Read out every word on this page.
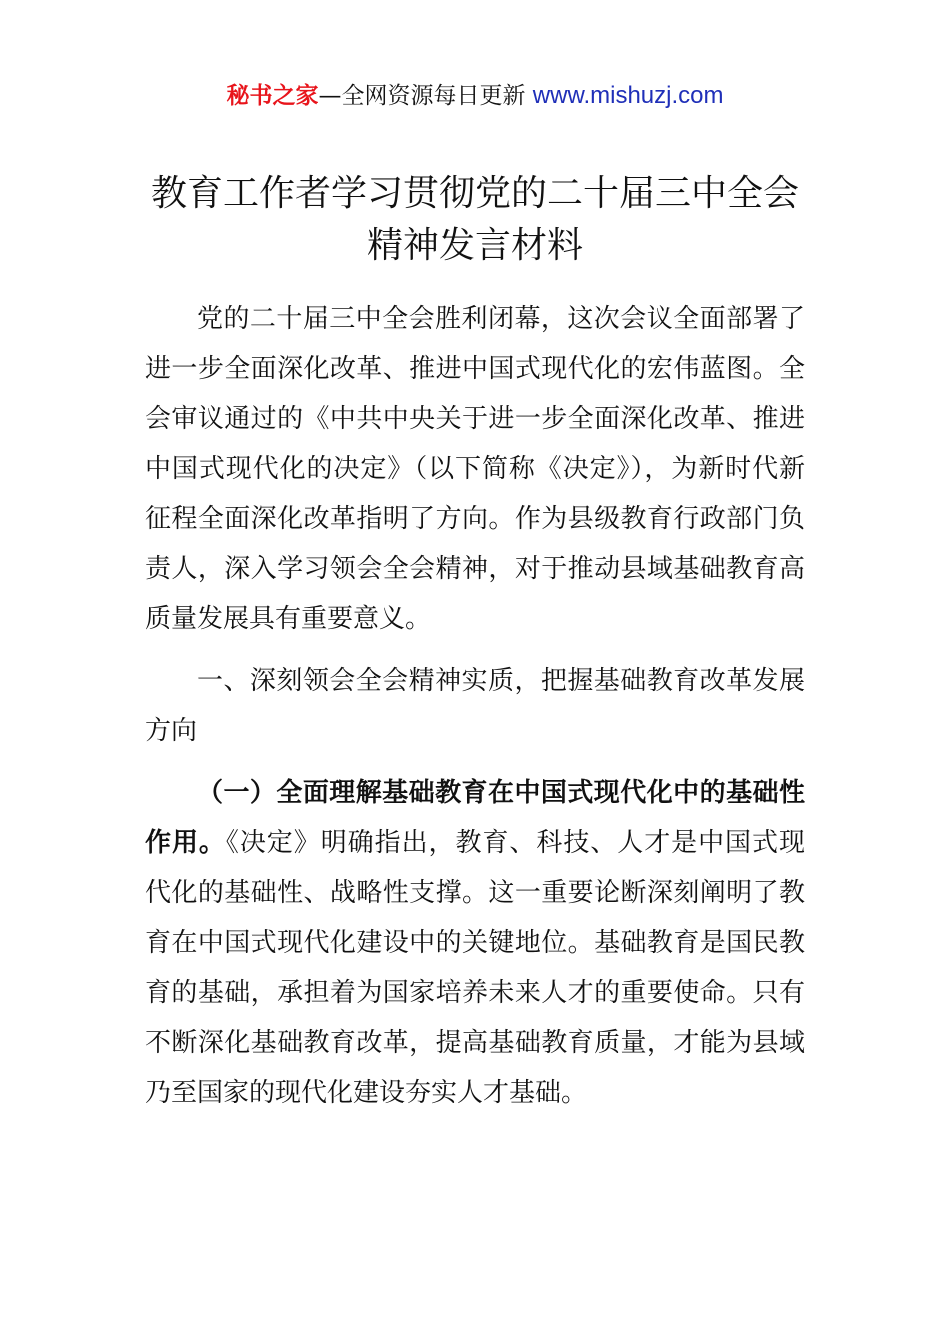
秘书之家—全网资源每日更新 www.mishuzj.com
教育工作者学习贯彻党的二十届三中全会
精神发言材料

党的二十届三中全会胜利闭幕，这次会议全面部署了进一步全面深化改革、推进中国式现代化的宏伟蓝图。全会审议通过的《中共中央关于进一步全面深化改革、推进中国式现代化的决定》（以下简称《决定》），为新时代新征程全面深化改革指明了方向。作为县级教育行政部门负责人，深入学习领会全会精神，对于推动县域基础教育高质量发展具有重要意义。

一、深刻领会全会精神实质，把握基础教育改革发展方向

（一）全面理解基础教育在中国式现代化中的基础性作用。《决定》明确指出，教育、科技、人才是中国式现代化的基础性、战略性支撑。这一重要论断深刻阐明了教育在中国式现代化建设中的关键地位。基础教育是国民教育的基础，承担着为国家培养未来人才的重要使命。只有不断深化基础教育改革，提高基础教育质量，才能为县域乃至国家的现代化建设夯实人才基础。
